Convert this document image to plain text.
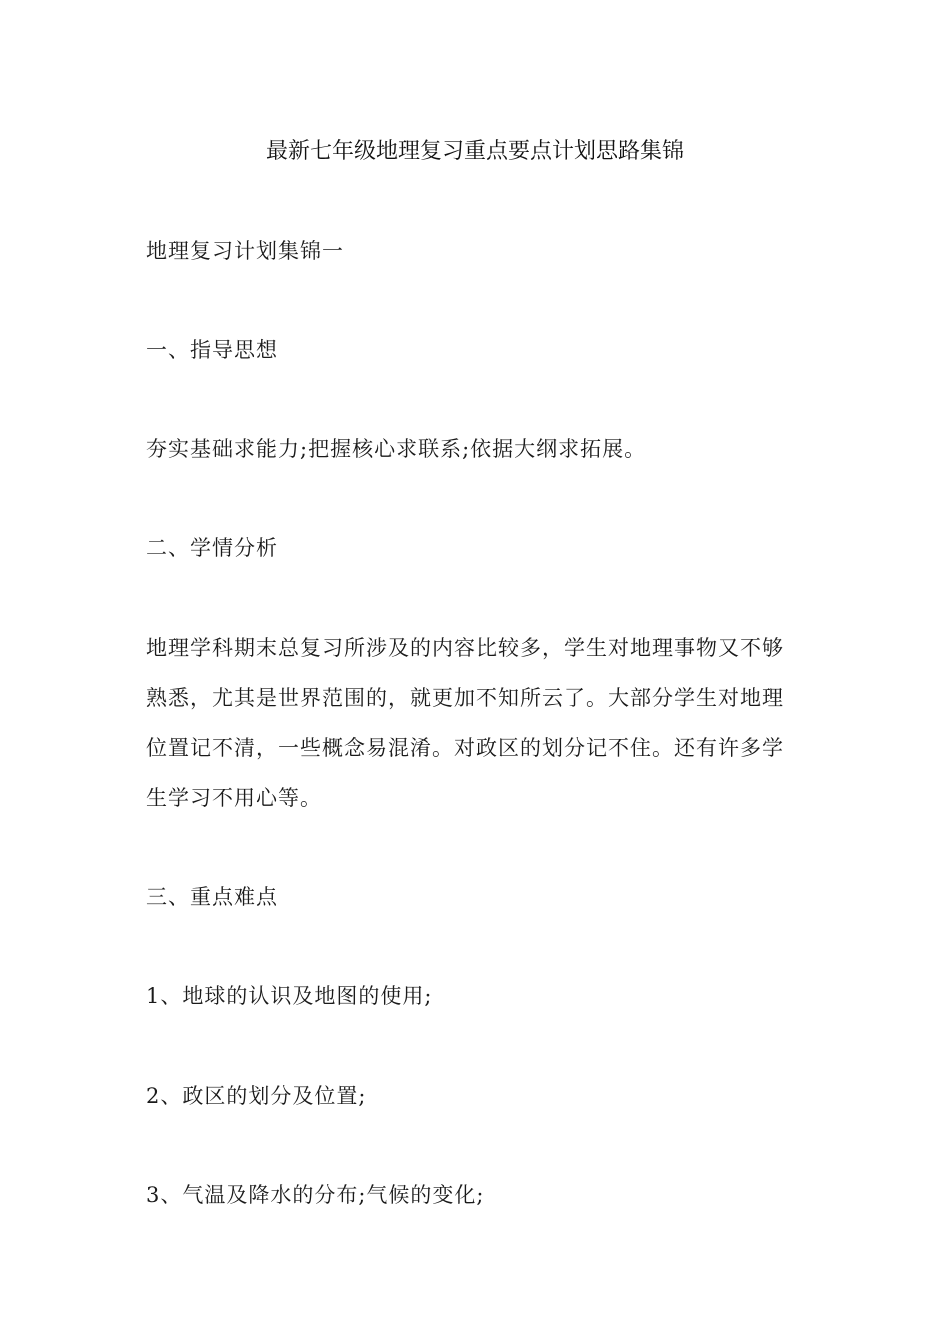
最新七年级地理复习重点要点计划思路集锦

地理复习计划集锦一

一、指导思想

夯实基础求能力;把握核心求联系;依据大纲求拓展。

二、学情分析

地理学科期末总复习所涉及的内容比较多，学生对地理事物又不够
熟悉，尤其是世界范围的，就更加不知所云了。大部分学生对地理
位置记不清，一些概念易混淆。对政区的划分记不住。还有许多学
生学习不用心等。

三、重点难点

1、地球的认识及地图的使用;

2、政区的划分及位置;

3、气温及降水的分布;气候的变化;
